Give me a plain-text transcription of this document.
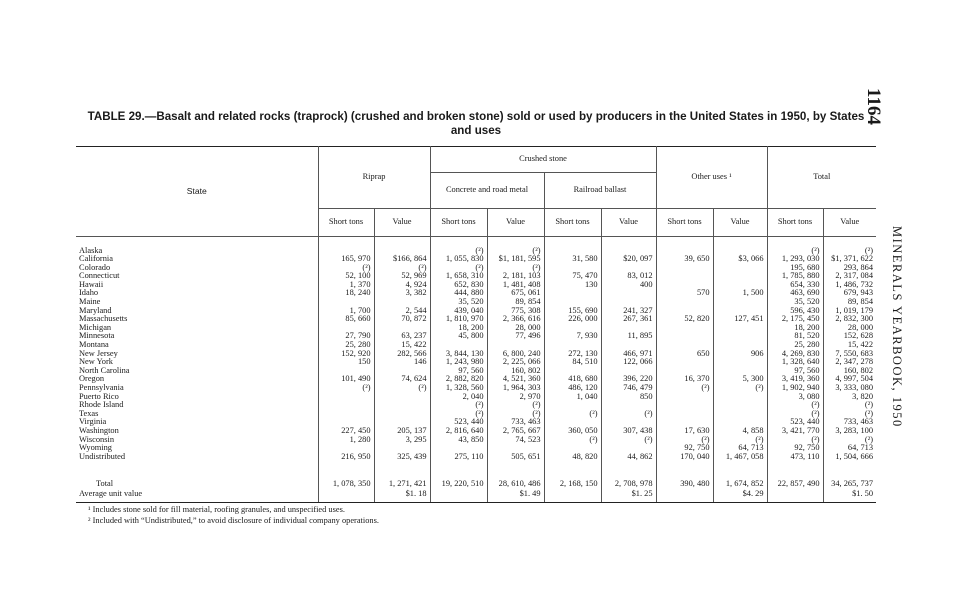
1164
MINERALS YEARBOOK, 1950
TABLE 29.—Basalt and related rocks (traprock) (crushed and broken stone) sold or used by producers in the United States in 1950, by States and uses
State	Riprap		Crushed stone				Other uses ¹		Total	
			Concrete and road metal		Railroad ballast					
	Short tons	Value	Short tons	Value	Short tons	Value	Short tons	Value	Short tons	Value

Alaska			(²)	(²)					(²)	(²)
California	165, 970	$166, 864	1, 055, 830	$1, 181, 595	31, 580	$20, 097	39, 650	$3, 066	1, 293, 030	$1, 371, 622
Colorado	(²)	(²)	(²)	(²)					195, 680	293, 864
Connecticut	52, 100	52, 969	1, 658, 310	2, 181, 103	75, 470	83, 012			1, 785, 880	2, 317, 084
Hawaii	1, 370	4, 924	652, 830	1, 481, 408	130	400			654, 330	1, 486, 732
Idaho	18, 240	3, 382	444, 880	675, 061			570	1, 500	463, 690	679, 943
Maine			35, 520	89, 854					35, 520	89, 854
Maryland	1, 700	2, 544	439, 040	775, 308	155, 690	241, 327			596, 430	1, 019, 179
Massachusetts	85, 660	70, 872	1, 810, 970	2, 366, 616	226, 000	267, 361	52, 820	127, 451	2, 175, 450	2, 832, 300
Michigan			18, 200	28, 000					18, 200	28, 000
Minnesota	27, 790	63, 237	45, 800	77, 496	7, 930	11, 895			81, 520	152, 628
Montana	25, 280	15, 422							25, 280	15, 422
New Jersey	152, 920	282, 566	3, 844, 130	6, 800, 240	272, 130	466, 971	650	906	4, 269, 830	7, 550, 683
New York	150	146	1, 243, 980	2, 225, 066	84, 510	122, 066			1, 328, 640	2, 347, 278
North Carolina			97, 560	160, 802					97, 560	160, 802
Oregon	101, 490	74, 624	2, 882, 820	4, 521, 360	418, 680	396, 220	16, 370	5, 300	3, 419, 360	4, 997, 504
Pennsylvania	(²)	(²)	1, 328, 560	1, 964, 303	486, 120	746, 479	(²)	(²)	1, 902, 940	3, 333, 080
Puerto Rico			2, 040	2, 970	1, 040	850			3, 080	3, 820
Rhode Island			(²)	(²)					(²)	(²)
Texas			(²)	(²)	(²)	(²)			(²)	(²)
Virginia			523, 440	733, 463					523, 440	733, 463
Washington	227, 450	205, 137	2, 816, 640	2, 765, 667	360, 050	307, 438	17, 630	4, 858	3, 421, 770	3, 283, 100
Wisconsin	1, 280	3, 295	43, 850	74, 523	(²)	(²)	(²)	(²)	(²)	(²)
Wyoming							92, 750	64, 713	92, 750	64, 713
Undistributed	216, 950	325, 439	275, 110	505, 651	48, 820	44, 862	170, 040	1, 467, 058	473, 110	1, 504, 666

Total	1, 078, 350	1, 271, 421	19, 220, 510	28, 610, 486	2, 168, 150	2, 708, 978	390, 480	1, 674, 852	22, 857, 490	34, 265, 737
Average unit value		$1. 18		$1. 49		$1. 25		$4. 29		$1. 50

¹ Includes stone sold for fill material, roofing granules, and unspecified uses.
² Included with “Undistributed,” to avoid disclosure of individual company operations.
